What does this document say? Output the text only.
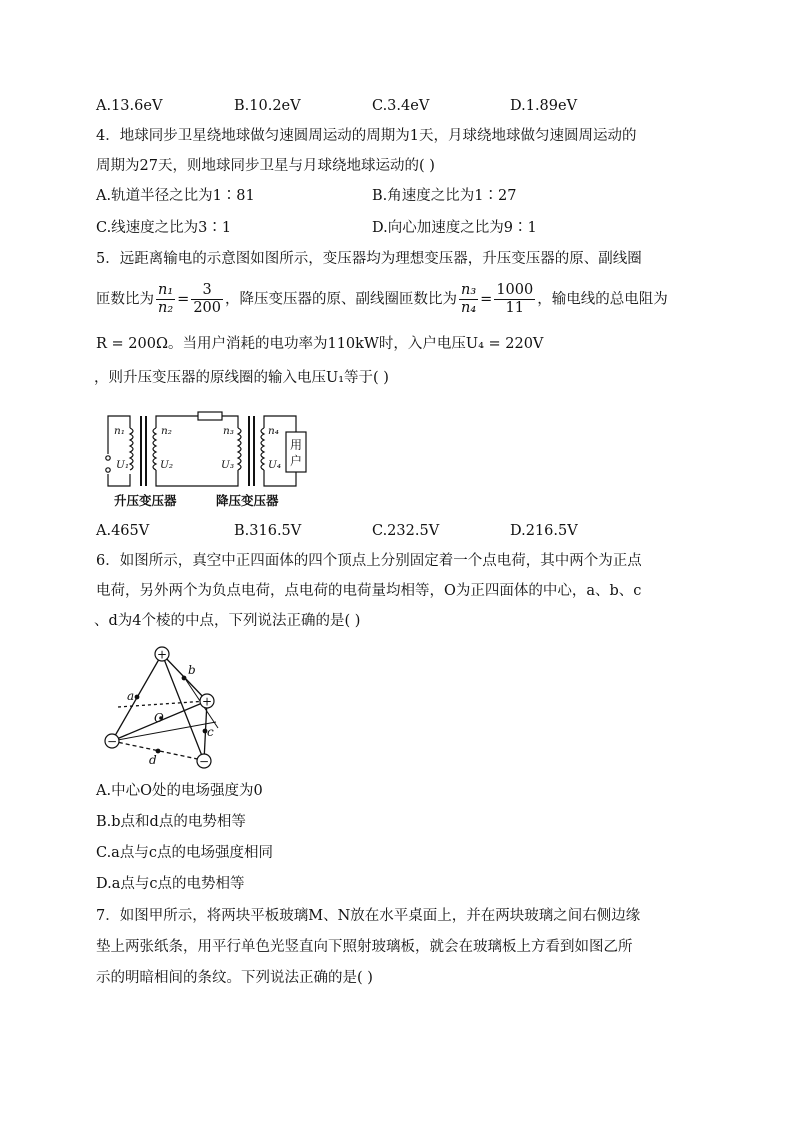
A.13.6eV	B.10.2eV	C.3.4eV	D.1.89eV
4．地球同步卫星绕地球做匀速圆周运动的周期为1天，月球绕地球做匀速圆周运动的
周期为27天，则地球同步卫星与月球绕地球运动的( )
A.轨道半径之比为1∶81	B.角速度之比为1∶27
C.线速度之比为3∶1	D.向心加速度之比为9∶1
5．远距离输电的示意图如图所示，变压器均为理想变压器，升压变压器的原、副线圈
匝数比为 $\frac{\text{n₁}}{\text{n₂}} = \frac{3}{200}$ ，降压变压器的原、副线圈匝数比为 $\frac{\text{n₃}}{\text{n₄}} = \frac{1000}{11}$ ，输电线的总电阻为
R = 200Ω。当用户消耗的电功率为110kW时，入户电压U₄ = 220V
，则升压变压器的原线圈的输入电压U₁等于( )
n₁	n₂	n₃	n₄
U₁	U₂	U₃	U₄
用
户
升压变压器	降压变压器
A.465V	B.316.5V	C.232.5V	D.216.5V
6．如图所示，真空中正四面体的四个顶点上分别固定着一个点电荷，其中两个为正点
电荷，另外两个为负点电荷，点电荷的电荷量均相等，O为正四面体的中心，a、b、c
、d为4个棱的中点，下列说法正确的是( )
+
+
−
−
a
b
c
d
O
A.中心O处的电场强度为0
B.b点和d点的电势相等
C.a点与c点的电场强度相同
D.a点与c点的电势相等
7．如图甲所示，将两块平板玻璃M、N放在水平桌面上，并在两块玻璃之间右侧边缘
垫上两张纸条，用平行单色光竖直向下照射玻璃板，就会在玻璃板上方看到如图乙所
示的明暗相间的条纹。下列说法正确的是( )
